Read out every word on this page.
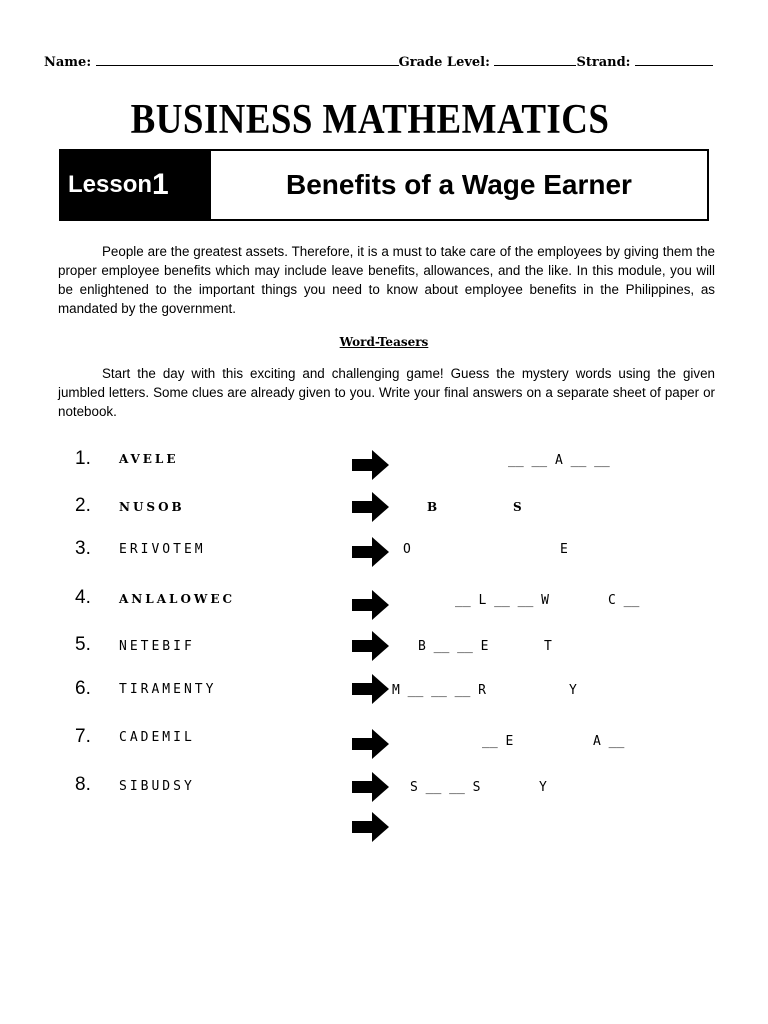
Name:	Grade Level:	Strand:
BUSINESS MATHEMATICS
Lesson 1	Benefits of a Wage Earner
People are the greatest assets. Therefore, it is a must to take care of the employees by giving them the proper employee benefits which may include leave benefits, allowances, and the like. In this module, you will be enlightened to the important things you need to know about employee benefits in the Philippines, as mandated by the government.
Word-Teasers
Start the day with this exciting and challenging game! Guess the mystery words using the given jumbled letters. Some clues are already given to you. Write your final answers on a separate sheet of paper or notebook.
1. AVELE	__ __ A __ __
2. NUSOB	B	S
3. ERIVOTEM	O	E
4. ANLALOWEC	__ L __ __ W	C __
5. NETEBIF	B __ __ E	T
6. TIRAMENTY	M __ __ __ R	Y
7. CADEMIL	__ E	A __
8. SIBUDSY	S __ __ S	Y
